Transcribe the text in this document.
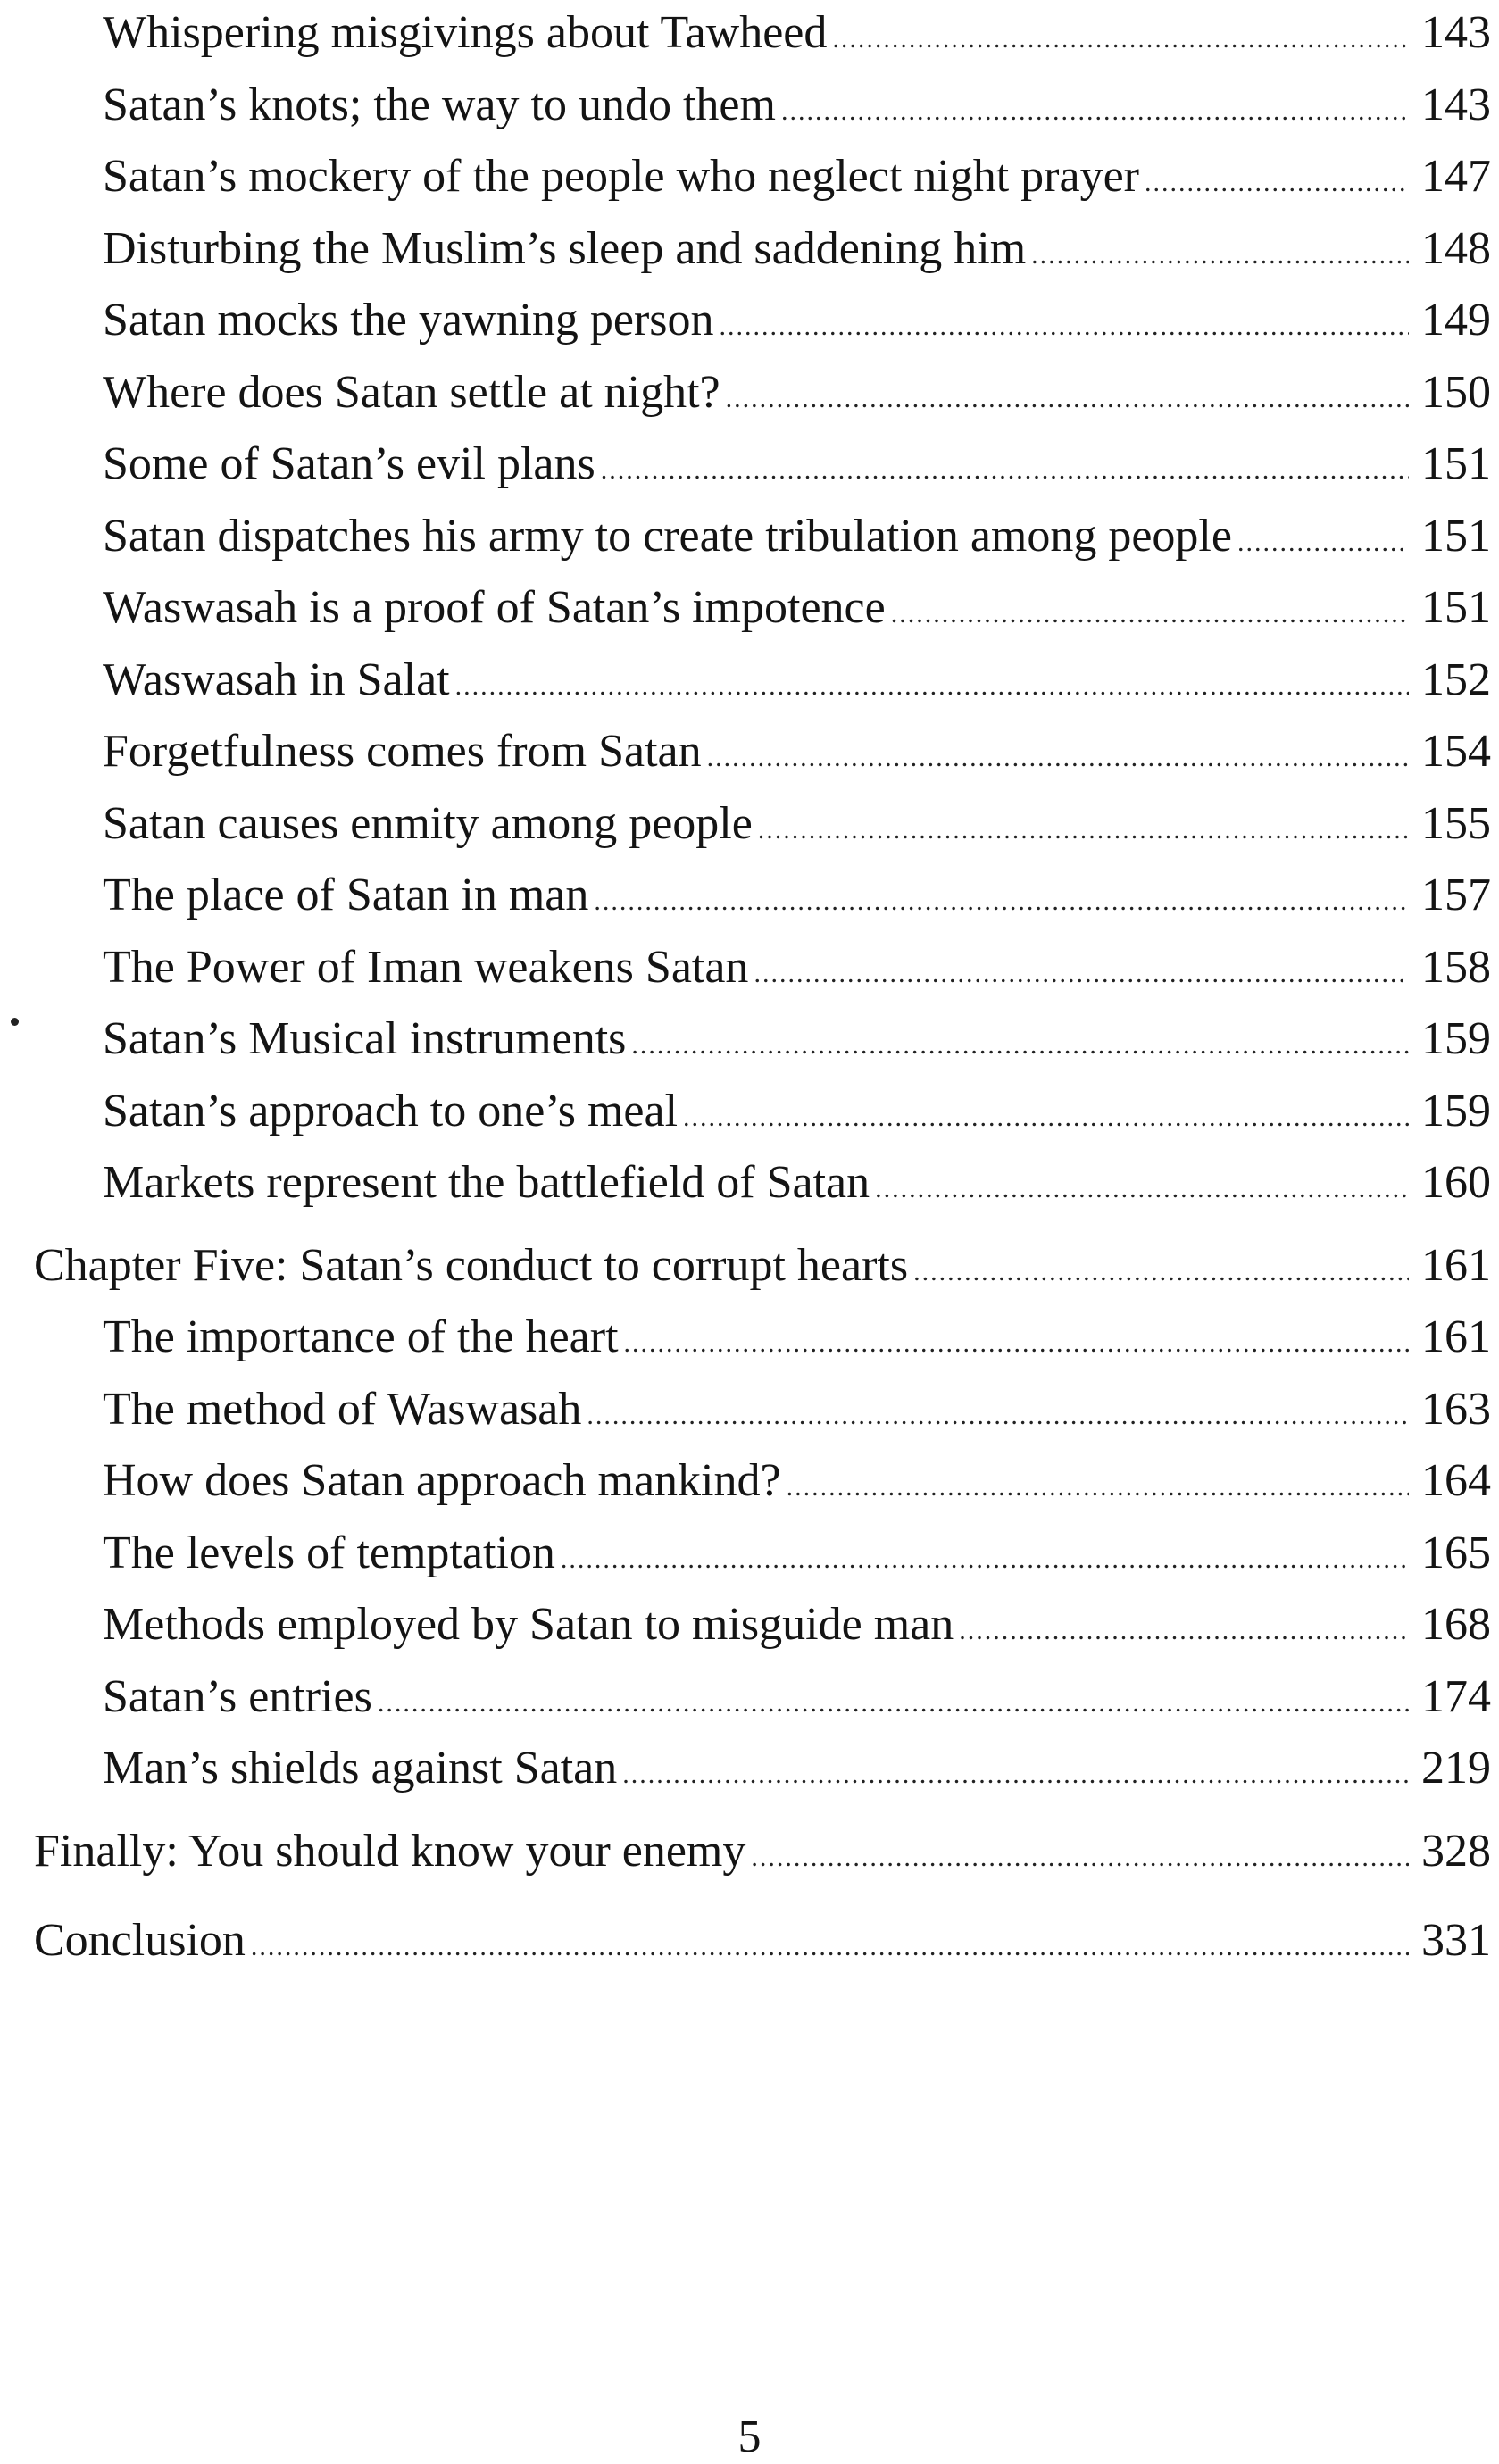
Whispering misgivings about Tawheed .....	143
Satan’s knots; the way to undo them .....	143
Satan’s mockery of the people who neglect night prayer .....	147
Disturbing the Muslim’s sleep and saddening him .....	148
Satan mocks the yawning person .....	149
Where does Satan settle at night? .....	150
Some of Satan’s evil plans .....	151
Satan dispatches his army to create tribulation among people .....	151
Waswasah is a proof of Satan’s impotence .....	151
Waswasah in Salat .....	152
Forgetfulness comes from Satan .....	154
Satan causes enmity among people .....	155
The place of Satan in man .....	157
The Power of Iman weakens Satan .....	158
Satan’s Musical instruments .....	159
Satan’s approach to one’s meal .....	159
Markets represent the battlefield of Satan .....	160
Chapter Five: Satan’s conduct to corrupt hearts .....	161
The importance of the heart .....	161
The method of Waswasah .....	163
How does Satan approach mankind? .....	164
The levels of temptation .....	165
Methods employed by Satan to misguide man .....	168
Satan’s entries .....	174
Man’s shields against Satan .....	219
Finally: You should know your enemy .....	328
Conclusion .....	331
5
